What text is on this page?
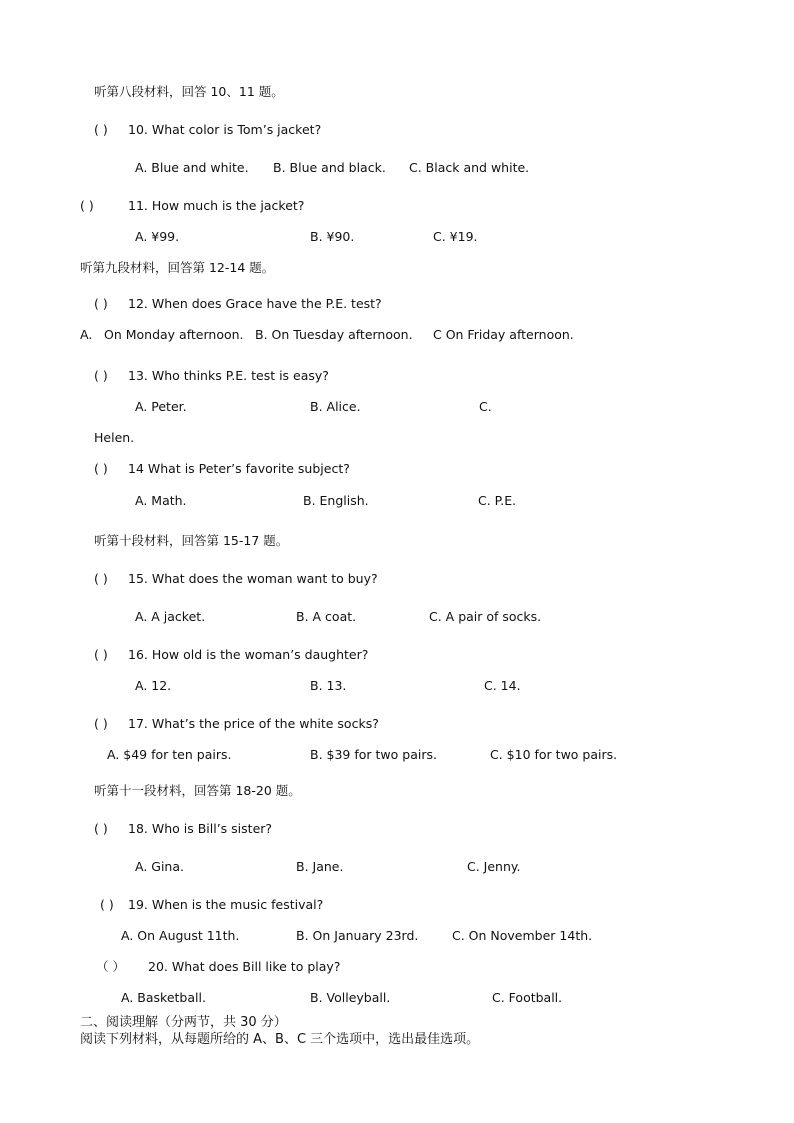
听第八段材料，回答 10、11 题。
( ) 10. What color is Tom’s jacket?
A. Blue and white. B. Blue and black. C. Black and white.
( )	11. How much is the jacket?
A. ¥99.	B. ¥90.	C. ¥19.
听第九段材料，回答第 12-14 题。
( ) 12. When does Grace have the P.E. test?
A. On Monday afternoon. B. On Tuesday afternoon. C On Friday afternoon.
( ) 13. Who thinks P.E. test is easy?
A. Peter.	B. Alice.	C.
Helen.
( ) 14 What is Peter’s favorite subject?
A. Math.	B. English.	C. P.E.
听第十段材料，回答第 15-17 题。
( ) 15. What does the woman want to buy?
A. A jacket.	B. A coat.	C. A pair of socks.
( ) 16. How old is the woman’s daughter?
A. 12.	B. 13.	C. 14.
( ) 17. What’s the price of the white socks?
A. $49 for ten pairs.	B. $39 for two pairs.	C. $10 for two pairs.
听第十一段材料，回答第 18-20 题。
( ) 18. Who is Bill’s sister?
A. Gina.	B. Jane.	C. Jenny.
( ) 19. When is the music festival?
A. On August 11th.	B. On January 23rd.	C. On November 14th.
（ ） 20. What does Bill like to play?
A. Basketball.	B. Volleyball.	C. Football.
二、阅读理解（分两节，共 30 分）
阅读下列材料，从每题所给的 A、B、C 三个选项中，选出最佳选项。
